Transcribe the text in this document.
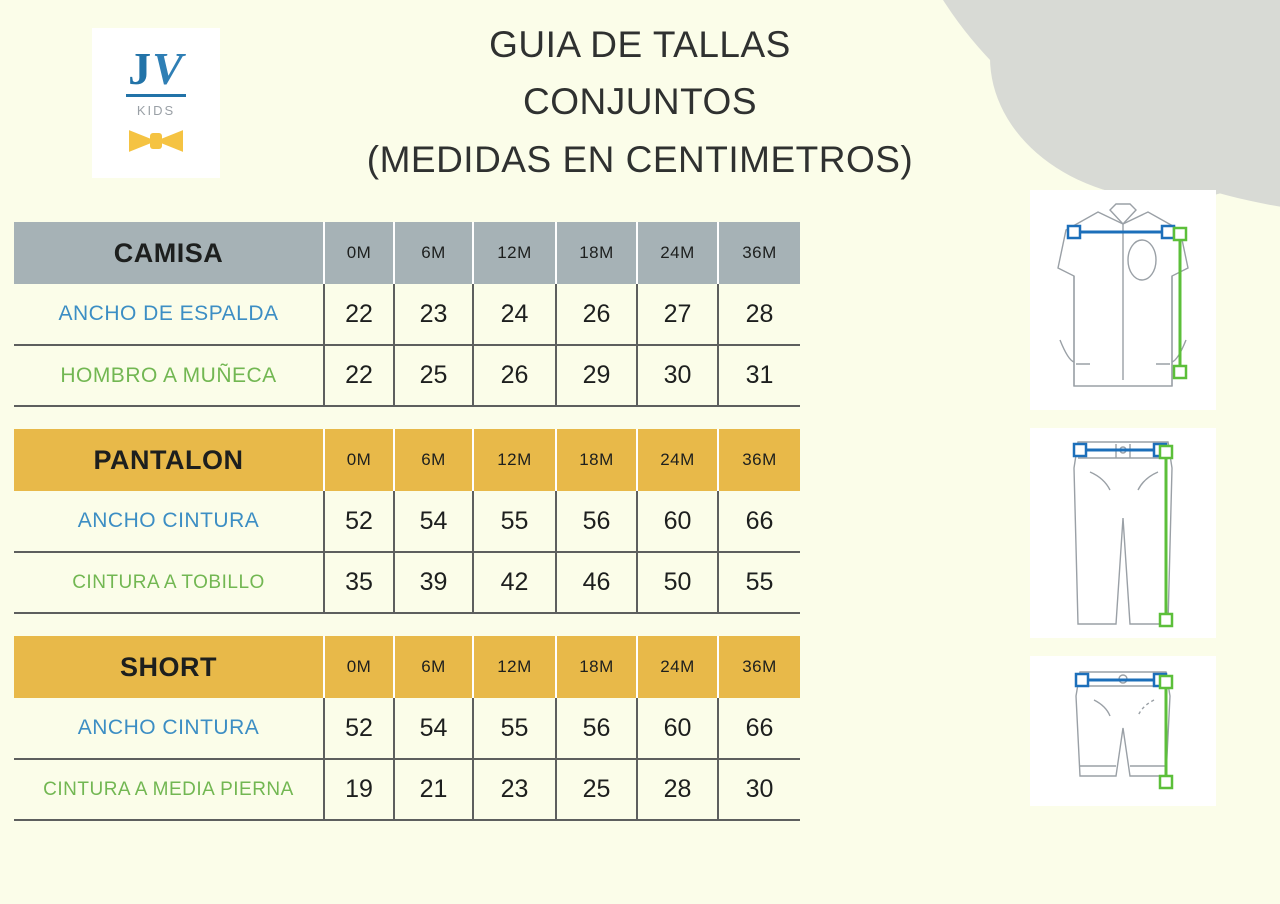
JV
KIDS
GUIA DE TALLAS
CONJUNTOS
(MEDIDAS EN CENTIMETROS)
CAMISA	0M	6M	12M	18M	24M	36M
ANCHO DE ESPALDA	22	23	24	26	27	28
HOMBRO A MUÑECA	22	25	26	29	30	31
PANTALON	0M	6M	12M	18M	24M	36M
ANCHO CINTURA	52	54	55	56	60	66
CINTURA A TOBILLO	35	39	42	46	50	55
SHORT	0M	6M	12M	18M	24M	36M
ANCHO CINTURA	52	54	55	56	60	66
CINTURA A MEDIA PIERNA	19	21	23	25	28	30
